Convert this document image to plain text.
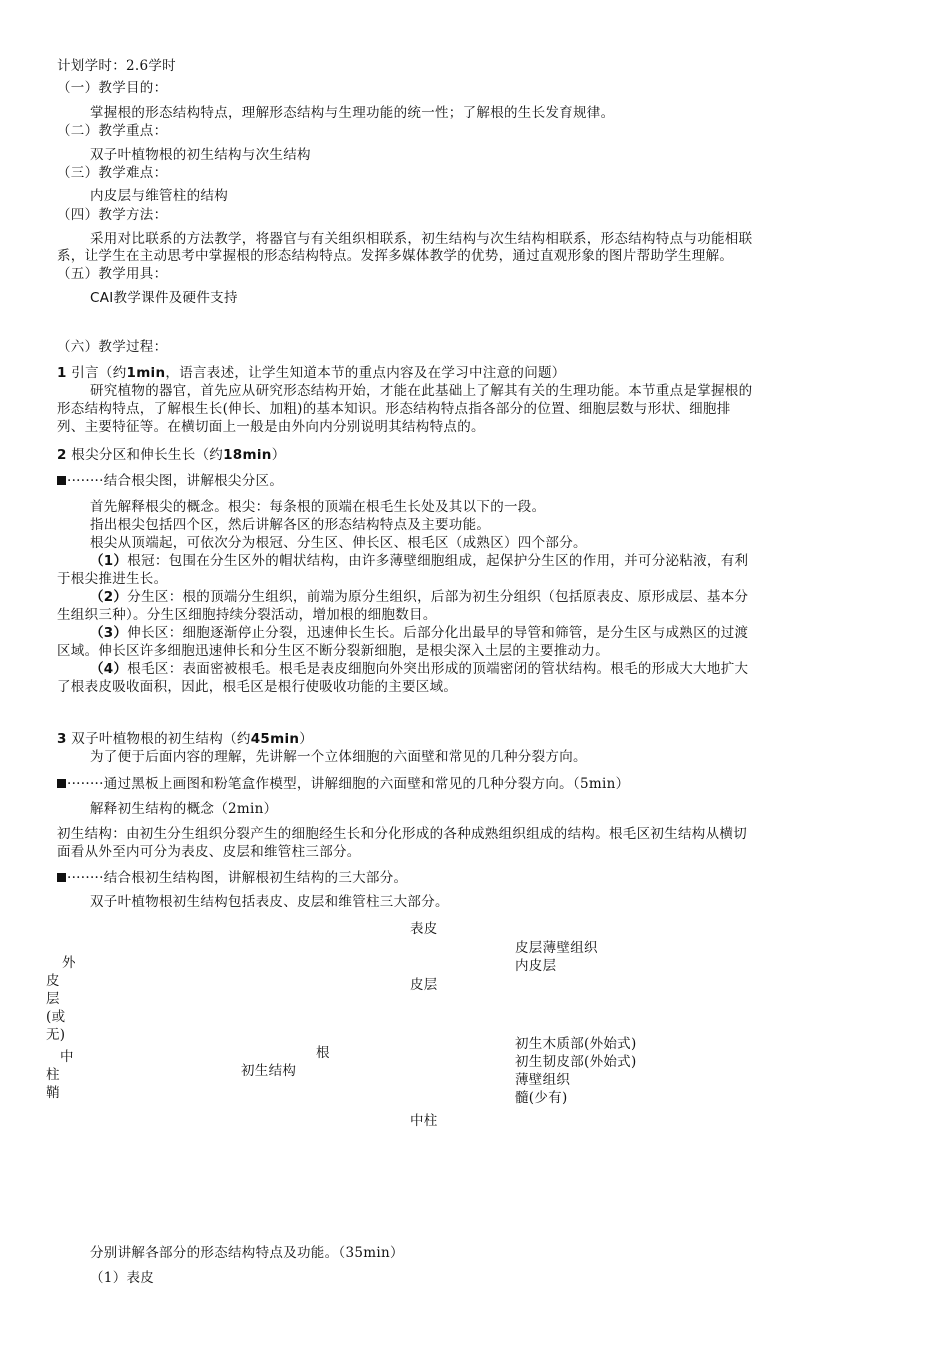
计划学时：2.6学时
（一）教学目的：
掌握根的形态结构特点，理解形态结构与生理功能的统一性；了解根的生长发育规律。
（二）教学重点：
双子叶植物根的初生结构与次生结构
（三）教学难点：
内皮层与维管柱的结构
（四）教学方法：
采用对比联系的方法教学，将器官与有关组织相联系，初生结构与次生结构相联系，形态结构特点与功能相联
系，让学生在主动思考中掌握根的形态结构特点。发挥多媒体教学的优势，通过直观形象的图片帮助学生理解。
（五）教学用具：
CAI教学课件及硬件支持
（六）教学过程：
1 引言（约1min，语言表述，让学生知道本节的重点内容及在学习中注意的问题）
研究植物的器官，首先应从研究形态结构开始，才能在此基础上了解其有关的生理功能。本节重点是掌握根的
形态结构特点，了解根生长(伸长、加粗)的基本知识。形态结构特点指各部分的位置、细胞层数与形状、细胞排
列、主要特征等。在横切面上一般是由外向内分别说明其结构特点的。
2 根尖分区和伸长生长（约18min）
········结合根尖图，讲解根尖分区。
首先解释根尖的概念。根尖：每条根的顶端在根毛生长处及其以下的一段。
指出根尖包括四个区，然后讲解各区的形态结构特点及主要功能。
根尖从顶端起，可依次分为根冠、分生区、伸长区、根毛区（成熟区）四个部分。
（1）根冠：包围在分生区外的帽状结构，由许多薄壁细胞组成，起保护分生区的作用，并可分泌粘液，有利
于根尖推进生长。
（2）分生区：根的顶端分生组织，前端为原分生组织，后部为初生分组织（包括原表皮、原形成层、基本分
生组织三种）。分生区细胞持续分裂活动，增加根的细胞数目。
（3）伸长区：细胞逐渐停止分裂，迅速伸长生长。后部分化出最早的导管和筛管，是分生区与成熟区的过渡
区域。伸长区许多细胞迅速伸长和分生区不断分裂新细胞，是根尖深入土层的主要推动力。
（4）根毛区：表面密被根毛。根毛是表皮细胞向外突出形成的顶端密闭的管状结构。根毛的形成大大地扩大
了根表皮吸收面积，因此，根毛区是根行使吸收功能的主要区域。
3 双子叶植物根的初生结构（约45min）
为了便于后面内容的理解，先讲解一个立体细胞的六面壁和常见的几种分裂方向。
········通过黑板上画图和粉笔盒作模型，讲解细胞的六面壁和常见的几种分裂方向。（5min）
解释初生结构的概念（2min）
初生结构：由初生分生组织分裂产生的细胞经生长和分化形成的各种成熟组织组成的结构。根毛区初生结构从横切
面看从外至内可分为表皮、皮层和维管柱三部分。
········结合根初生结构图，讲解根初生结构的三大部分。
双子叶植物根初生结构包括表皮、皮层和维管柱三大部分。
表皮
皮层薄壁组织
内皮层
皮层
外
皮
层
(或
无)
中
柱
鞘
根
初生结构
初生木质部(外始式)
初生韧皮部(外始式)
薄壁组织
髓(少有)
中柱
分别讲解各部分的形态结构特点及功能。（35min）
（1）表皮
